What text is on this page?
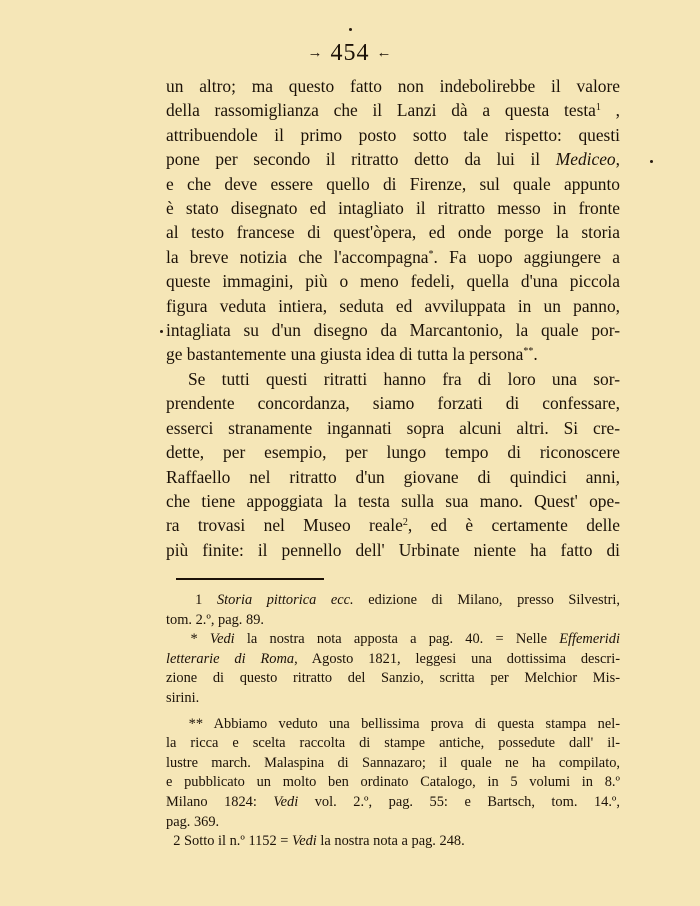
→ 454 ←
un altro; ma questo fatto non indebolirebbe il valore
della rassomiglianza che il Lanzi dà a questa testa$^1$ ,
attribuendole il primo posto sotto tale rispetto: questi
pone per secondo il ritratto detto da lui il Mediceo,
e che deve essere quello di Firenze, sul quale appunto
è stato disegnato ed intagliato il ritratto messo in fronte
al testo francese di quest'òpera, ed onde porge la storia
la breve notizia che l'accompagna*. Fa uopo aggiungere a
queste immagini, più o meno fedeli, quella d'una piccola
figura veduta intiera, seduta ed avviluppata in un panno,
intagliata su d'un disegno da Marcantonio, la quale por-
ge bastantemente una giusta idea di tutta la persona**.
Se tutti questi ritratti hanno fra di loro una sor-
prendente concordanza, siamo forzati di confessare,
esserci stranamente ingannati sopra alcuni altri. Si cre-
dette, per esempio, per lungo tempo di riconoscere
Raffaello nel ritratto d'un giovane di quindici anni,
che tiene appoggiata la testa sulla sua mano. Quest' ope-
ra trovasi nel Museo reale$^2$, ed è certamente delle
più finite: il pennello dell' Urbinate niente ha fatto di
1 Storia pittorica ecc. edizione di Milano, presso Silvestri,
tom. 2.º, pag. 89.
* Vedi la nostra nota apposta a pag. 40. = Nelle Effemeridi
letterarie di Roma, Agosto 1821, leggesi una dottissima descri-
zione di questo ritratto del Sanzio, scritta per Melchior Mis-
sirini.
** Abbiamo veduto una bellissima prova di questa stampa nel-
la ricca e scelta raccolta di stampe antiche, possedute dall' il-
lustre march. Malaspina di Sannazaro; il quale ne ha compilato,
e pubblicato un molto ben ordinato Catalogo, in 5 volumi in 8.º
Milano 1824: Vedi vol. 2.º, pag. 55: e Bartsch, tom. 14.º,
pag. 369.
2 Sotto il n.º 1152 = Vedi la nostra nota a pag. 248.
